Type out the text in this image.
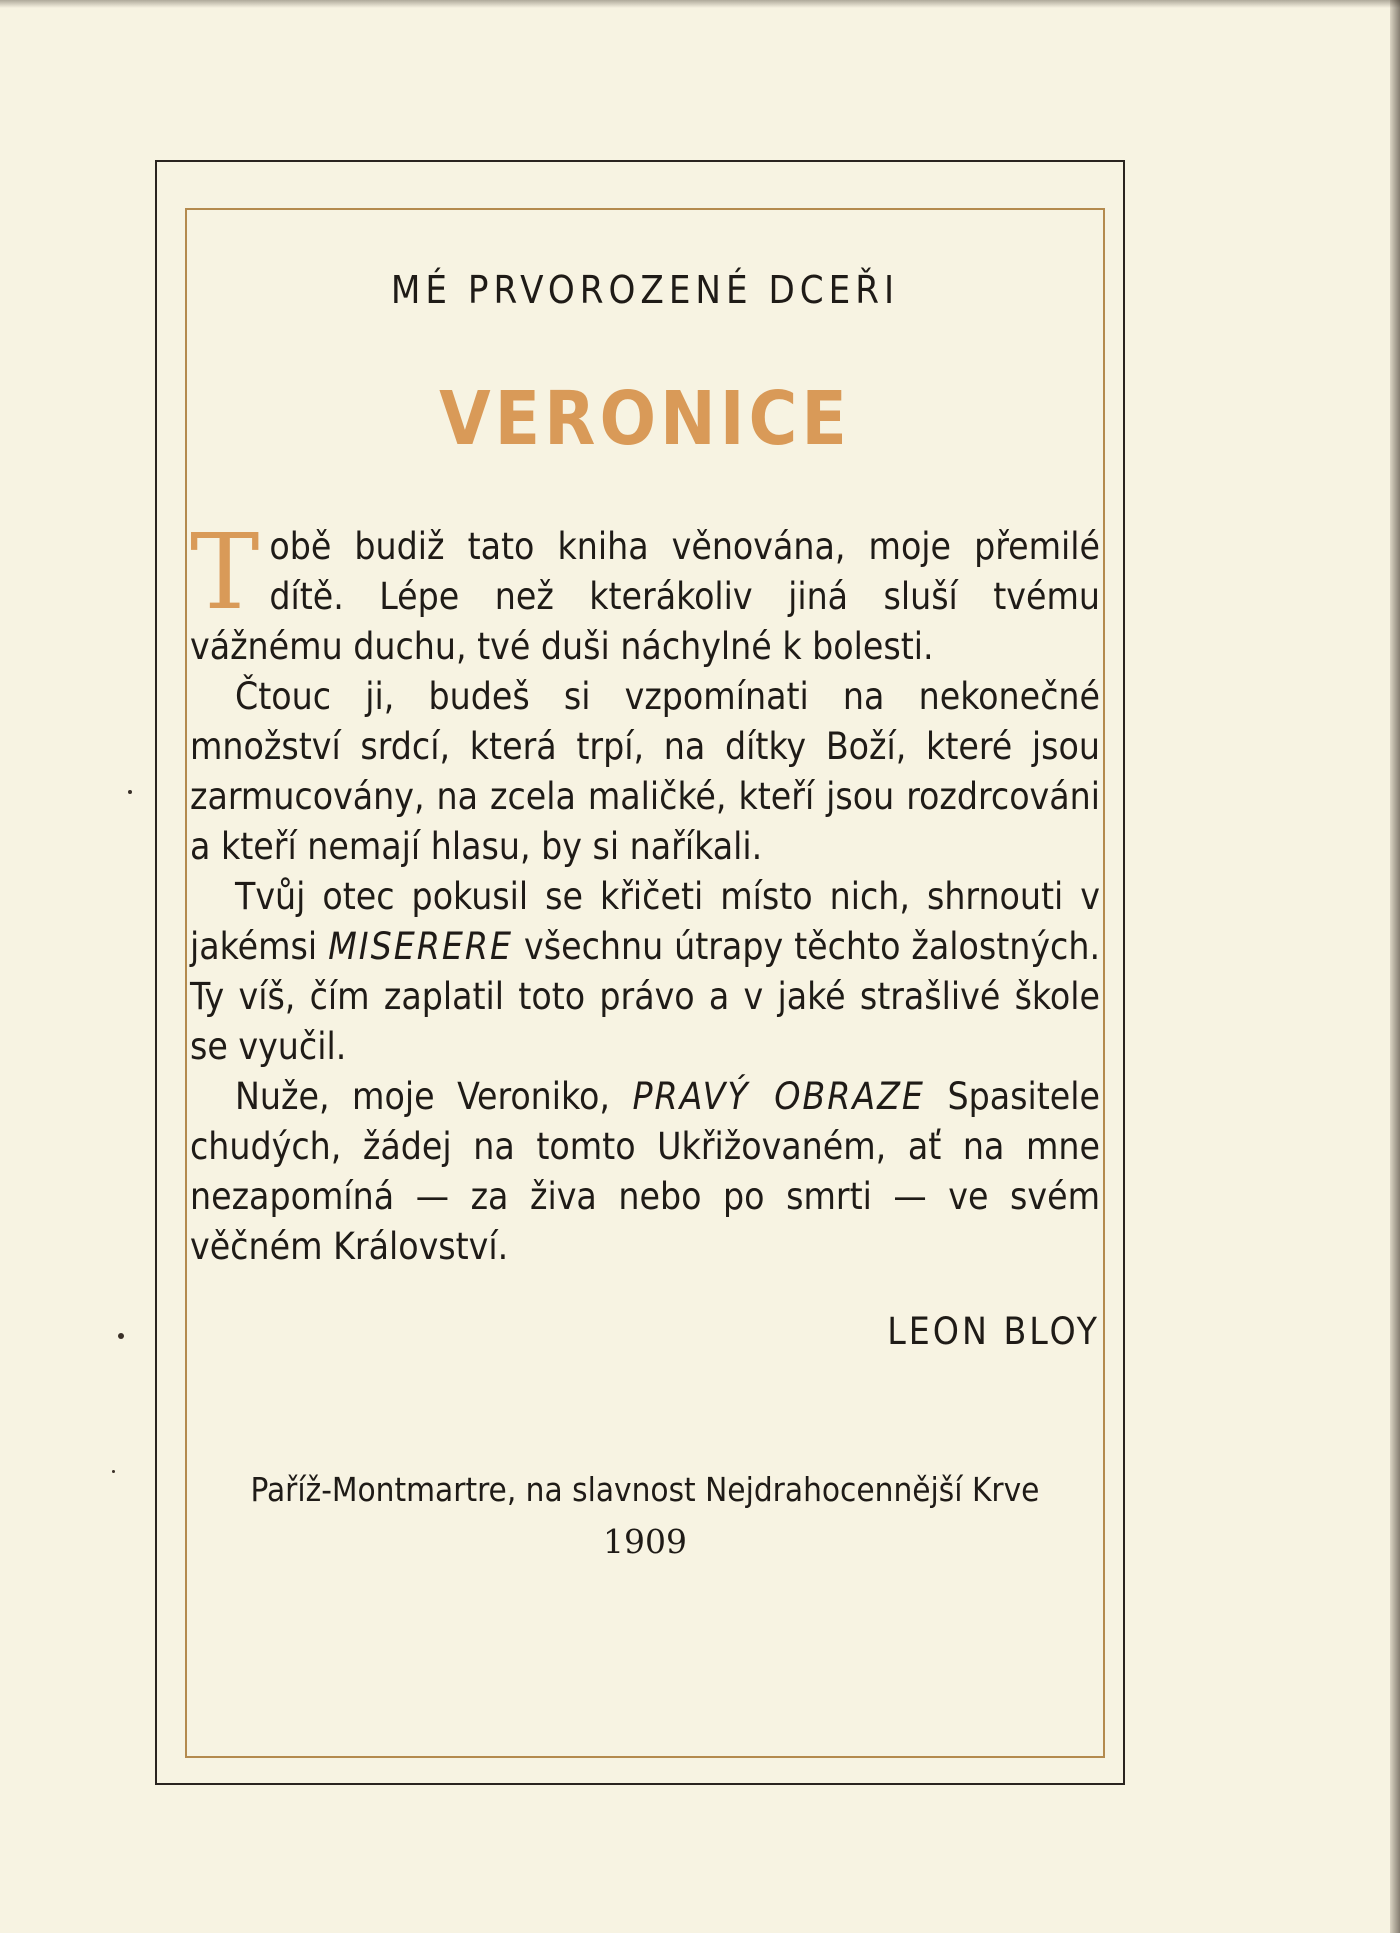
MÉ PRVOROZENÉ DCEŘI
VERONICE

Tobě budiž tato kniha věnována, moje přemilé dítě. Lépe než kterákoliv jiná sluší tvému vážnému duchu, tvé duši náchylné k bolesti.

Čtouc ji, budeš si vzpomínati na nekonečné množství srdcí, která trpí, na dítky Boží, které jsou zarmucovány, na zcela maličké, kteří jsou rozdrcováni a kteří nemají hlasu, by si naříkali.

Tvůj otec pokusil se křičeti místo nich, shrnouti v jakémsi MISERERE všechnu útrapy těchto žalostných. Ty víš, čím zaplatil toto právo a v jaké strašlivé škole se vyučil.

Nuže, moje Veroniko, PRAVÝ OBRAZE Spasitele chudých, žádej na tomto Ukřižovaném, ať na mne nezapomíná — za živa nebo po smrti — ve svém věčném Království.

LEON BLOY
Paříž-Montmartre, na slavnost Nejdrahocennější Krve
1909
